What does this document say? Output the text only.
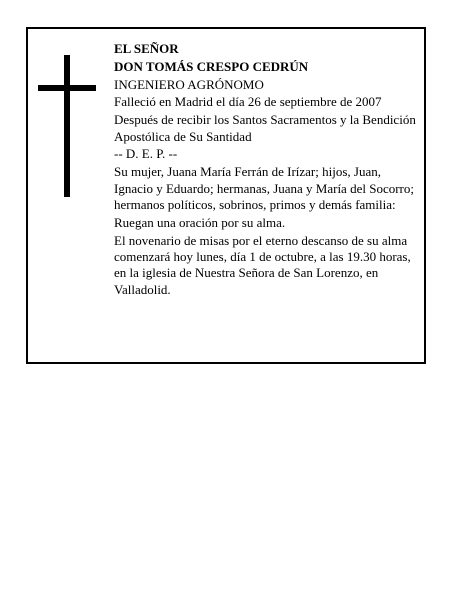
EL SEÑOR

DON TOMÁS CRESPO CEDRÚN

INGENIERO AGRÓNOMO

Falleció en Madrid el día 26 de septiembre de 2007

Después de recibir los Santos Sacramentos y la Bendición Apostólica de Su Santidad

-- D. E. P. --

Su mujer, Juana María Ferrán de Irízar; hijos, Juan, Ignacio y Eduardo; hermanas, Juana y María del Socorro; hermanos políticos, sobrinos, primos y demás familia:

Ruegan una oración por su alma.

El novenario de misas por el eterno descanso de su alma comenzará hoy lunes, día 1 de octubre, a las 19.30 horas, en la iglesia de Nuestra Señora de San Lorenzo, en Valladolid.
